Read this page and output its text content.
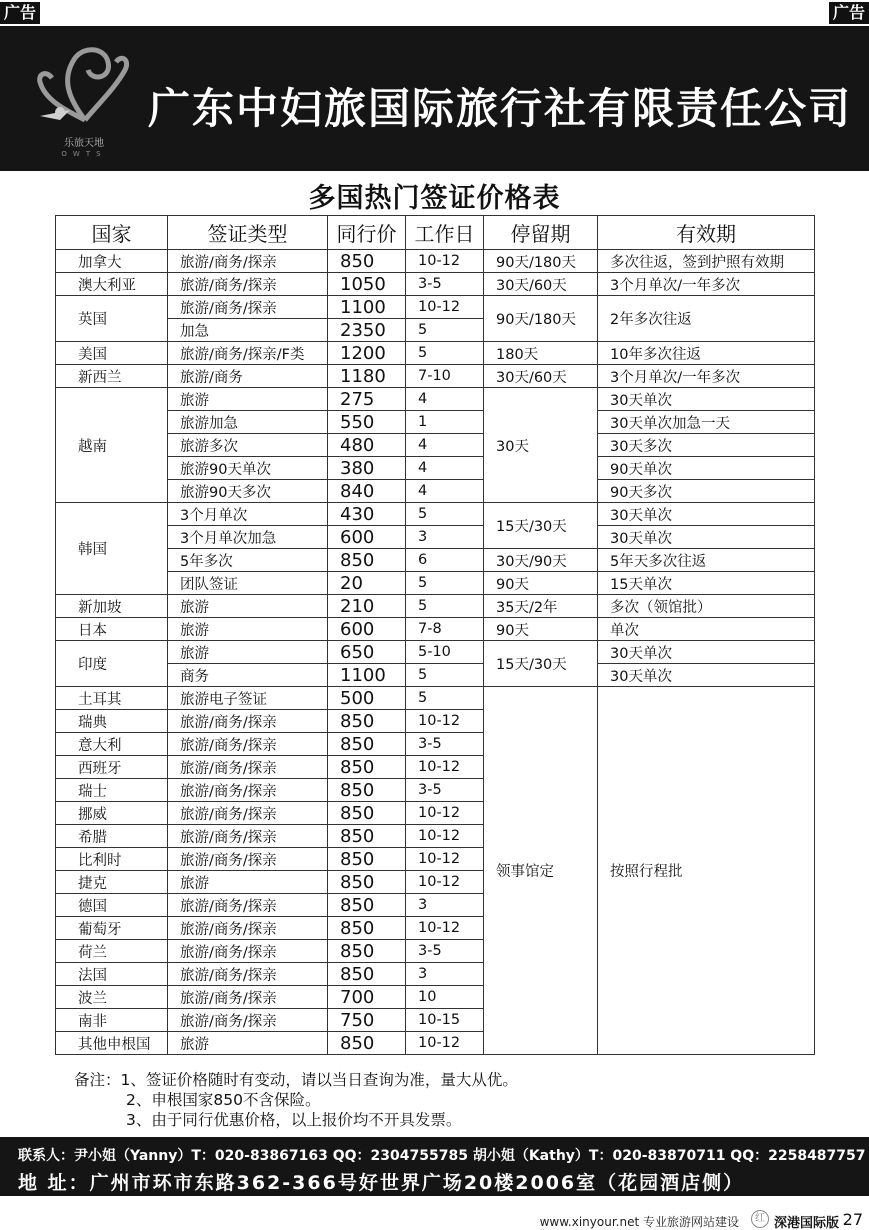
广告	广告
乐旅天地
OWTS
广东中妇旅国际旅行社有限责任公司
多国热门签证价格表
国家	签证类型	同行价	工作日	停留期	有效期
加拿大	旅游/商务/探亲	850	10-12	90天/180天	多次往返，签到护照有效期
澳大利亚	旅游/商务/探亲	1050	3-5	30天/60天	3个月单次/一年多次
英国	旅游/商务/探亲	1100	10-12	90天/180天	2年多次往返
	加急	2350	5		
美国	旅游/商务/探亲/F类	1200	5	180天	10年多次往返
新西兰	旅游/商务	1180	7-10	30天/60天	3个月单次/一年多次
越南	旅游	275	4	30天	30天单次
	旅游加急	550	1		30天单次加急一天
	旅游多次	480	4		30天多次
	旅游90天单次	380	4		90天单次
	旅游90天多次	840	4		90天多次
韩国	3个月单次	430	5	15天/30天	30天单次
	3个月单次加急	600	3		30天单次
	5年多次	850	6	30天/90天	5年天多次往返
	团队签证	20	5	90天	15天单次
新加坡	旅游	210	5	35天/2年	多次（领馆批）
日本	旅游	600	7-8	90天	单次
印度	旅游	650	5-10	15天/30天	30天单次
	商务	1100	5		30天单次
土耳其	旅游电子签证	500	5	领事馆定	按照行程批
瑞典	旅游/商务/探亲	850	10-12		
意大利	旅游/商务/探亲	850	3-5		
西班牙	旅游/商务/探亲	850	10-12		
瑞士	旅游/商务/探亲	850	3-5		
挪威	旅游/商务/探亲	850	10-12		
希腊	旅游/商务/探亲	850	10-12		
比利时	旅游/商务/探亲	850	10-12		
捷克	旅游	850	10-12		
德国	旅游/商务/探亲	850	3		
葡萄牙	旅游/商务/探亲	850	10-12		
荷兰	旅游/商务/探亲	850	3-5		
法国	旅游/商务/探亲	850	3		
波兰	旅游/商务/探亲	700	10		
南非	旅游/商务/探亲	750	10-15		
其他申根国	旅游	850	10-12		
备注：1、签证价格随时有变动，请以当日查询为准，量大从优。
2、申根国家850不含保险。
3、由于同行优惠价格，以上报价均不开具发票。
联系人：尹小姐（Yanny）T：020-83867163 QQ：2304755785 胡小姐（Kathy）T：020-83870711 QQ：2258487757
地 址：广州市环市东路362-366号好世界广场20楼2006室（花园酒店侧）
www.xinyour.net 专业旅游网站建设	红 深港国际版 27
